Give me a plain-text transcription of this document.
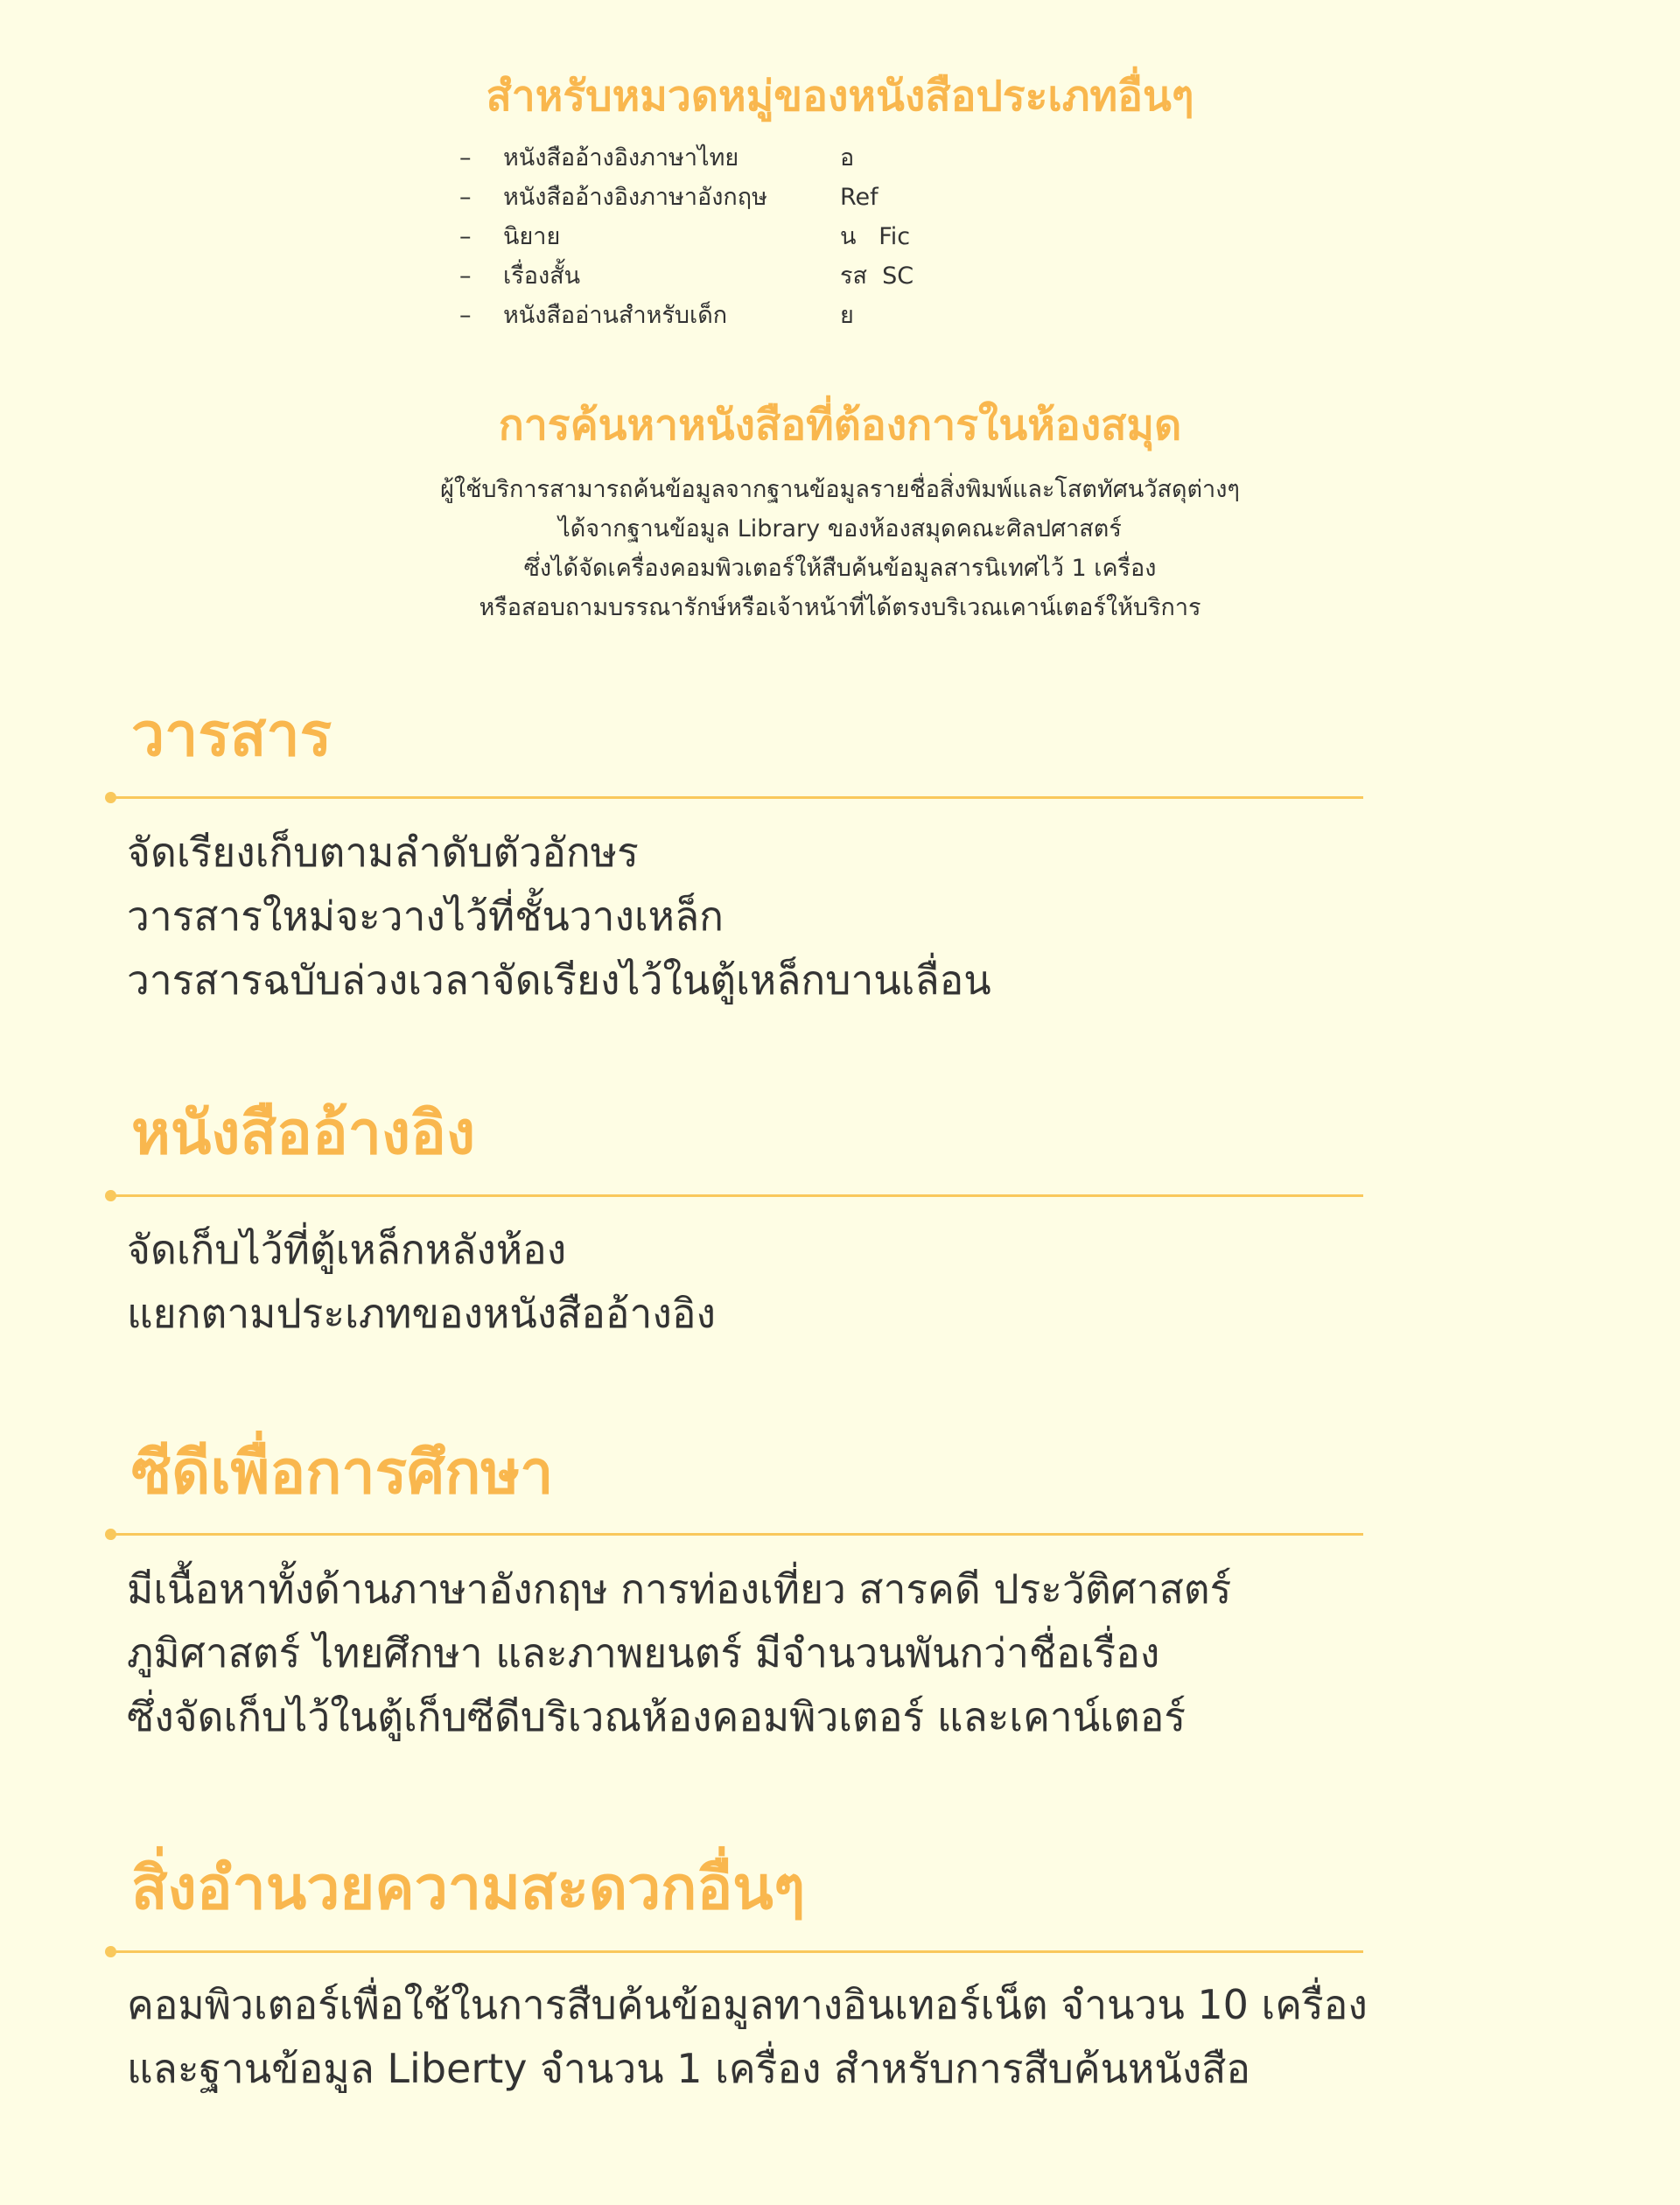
สำหรับหมวดหมู่ของหนังสือประเภทอื่นๆ
– หนังสืออ้างอิงภาษาไทย	อ
– หนังสืออ้างอิงภาษาอังกฤษ	Ref
– นิยาย	น   Fic
– เรื่องสั้น	รส  SC
– หนังสืออ่านสำหรับเด็ก	ย
การค้นหาหนังสือที่ต้องการในห้องสมุด

ผู้ใช้บริการสามารถค้นข้อมูลจากฐานข้อมูลรายชื่อสิ่งพิมพ์และโสตทัศนวัสดุต่างๆ

ได้จากฐานข้อมูล Library ของห้องสมุดคณะศิลปศาสตร์

ซึ่งได้จัดเครื่องคอมพิวเตอร์ให้สืบค้นข้อมูลสารนิเทศไว้ 1 เครื่อง

หรือสอบถามบรรณารักษ์หรือเจ้าหน้าที่ได้ตรงบริเวณเคาน์เตอร์ให้บริการ

วารสาร

จัดเรียงเก็บตามลำดับตัวอักษร

วารสารใหม่จะวางไว้ที่ชั้นวางเหล็ก

วารสารฉบับล่วงเวลาจัดเรียงไว้ในตู้เหล็กบานเลื่อน

หนังสืออ้างอิง

จัดเก็บไว้ที่ตู้เหล็กหลังห้อง

แยกตามประเภทของหนังสืออ้างอิง

ซีดีเพื่อการศึกษา

มีเนื้อหาทั้งด้านภาษาอังกฤษ การท่องเที่ยว สารคดี ประวัติศาสตร์

ภูมิศาสตร์ ไทยศึกษา และภาพยนตร์ มีจำนวนพันกว่าชื่อเรื่อง

ซึ่งจัดเก็บไว้ในตู้เก็บซีดีบริเวณห้องคอมพิวเตอร์ และเคาน์เตอร์

สิ่งอำนวยความสะดวกอื่นๆ

คอมพิวเตอร์เพื่อใช้ในการสืบค้นข้อมูลทางอินเทอร์เน็ต จำนวน 10 เครื่อง

และฐานข้อมูล Liberty จำนวน 1 เครื่อง สำหรับการสืบค้นหนังสือ
